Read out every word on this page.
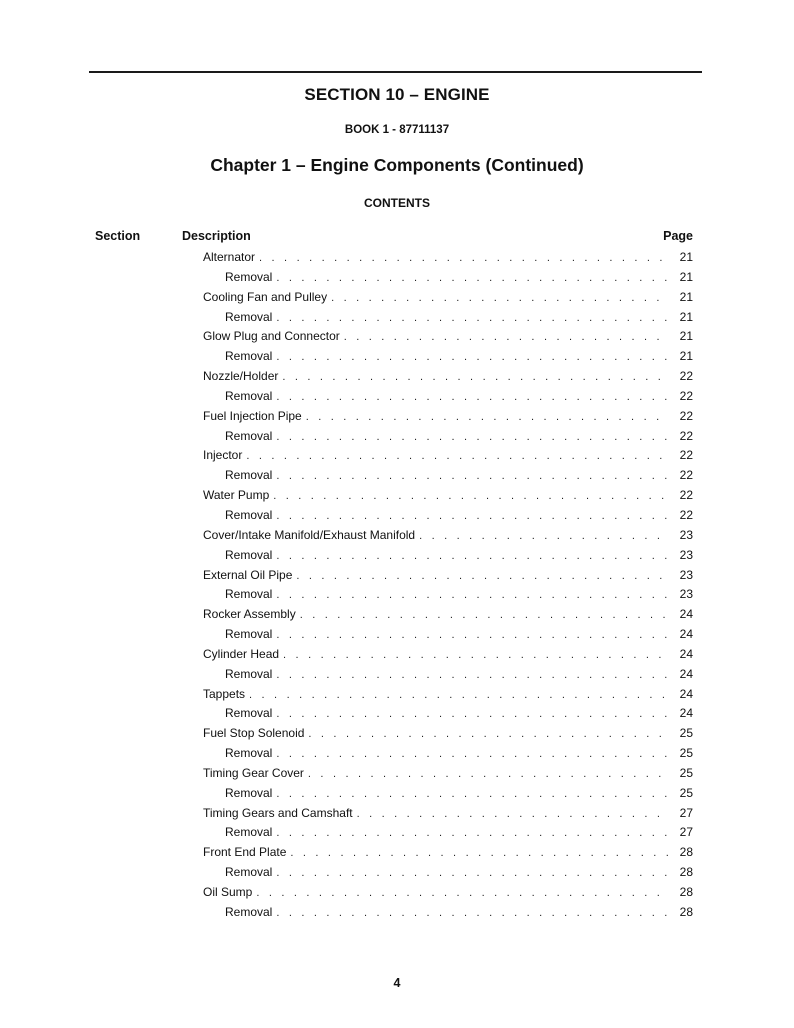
SECTION 10 – ENGINE
BOOK 1 - 87711137
Chapter 1 – Engine Components (Continued)
CONTENTS
Section	Description	Page
Alternator . . .	21
Removal . . .	21
Cooling Fan and Pulley . . .	21
Removal . . .	21
Glow Plug and Connector . . .	21
Removal . . .	21
Nozzle/Holder . . .	22
Removal . . .	22
Fuel Injection Pipe . . .	22
Removal . . .	22
Injector . . .	22
Removal . . .	22
Water Pump . . .	22
Removal . . .	22
Cover/Intake Manifold/Exhaust Manifold . . .	23
Removal . . .	23
External Oil Pipe . . .	23
Removal . . .	23
Rocker Assembly . . .	24
Removal . . .	24
Cylinder Head . . .	24
Removal . . .	24
Tappets . . .	24
Removal . . .	24
Fuel Stop Solenoid . . .	25
Removal . . .	25
Timing Gear Cover . . .	25
Removal . . .	25
Timing Gears and Camshaft . . .	27
Removal . . .	27
Front End Plate . . .	28
Removal . . .	28
Oil Sump . . .	28
Removal . . .	28
4
